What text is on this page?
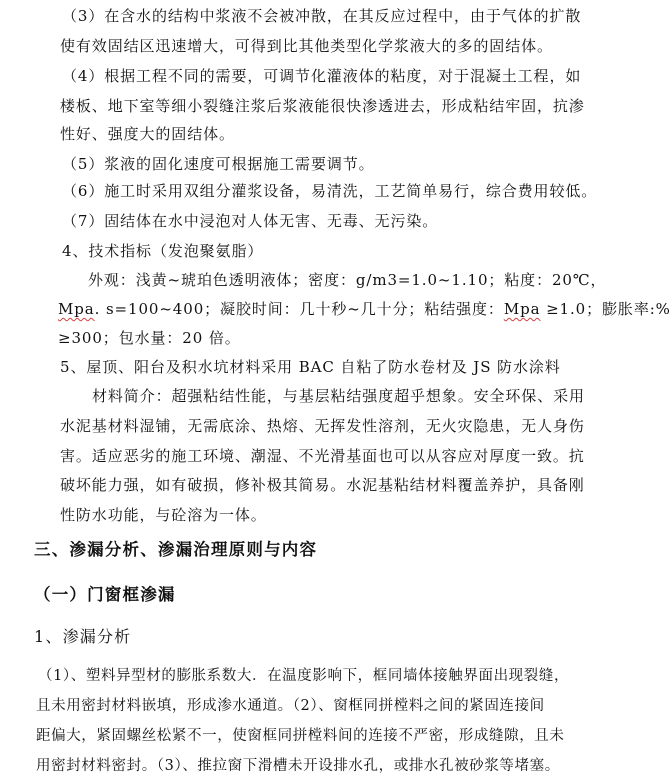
（3）在含水的结构中浆液不会被冲散，在其反应过程中，由于气体的扩散
使有效固结区迅速增大，可得到比其他类型化学浆液大的多的固结体。
（4）根据工程不同的需要，可调节化灌液体的粘度，对于混凝土工程，如
楼板、地下室等细小裂缝注浆后浆液能很快渗透进去，形成粘结牢固，抗渗
性好、强度大的固结体。
（5）浆液的固化速度可根据施工需要调节。
（6）施工时采用双组分灌浆设备，易清洗，工艺简单易行，综合费用较低。
（7）固结体在水中浸泡对人体无害、无毒、无污染。
4、技术指标（发泡聚氨脂）
外观：浅黄~琥珀色透明液体；密度：g/m3=1.0~1.10；粘度：20℃，
Mpa. s=100~400；凝胶时间：几十秒~几十分；粘结强度：Mpa ≥1.0；膨胀率:%
≥300；包水量：20 倍。
5、屋顶、阳台及积水坑材料采用 BAC 自粘了防水卷材及 JS 防水涂料
材料简介：超强粘结性能，与基层粘结强度超乎想象。安全环保、采用
水泥基材料湿铺，无需底涂、热熔、无挥发性溶剂，无火灾隐患，无人身伤
害。适应恶劣的施工环境、潮湿、不光滑基面也可以从容应对厚度一致。抗
破坏能力强，如有破损，修补极其简易。水泥基粘结材料覆盖养护，具备刚
性防水功能，与砼溶为一体。
三、渗漏分析、渗漏治理原则与内容
（一）门窗框渗漏
1、渗漏分析
（1）、塑料异型材的膨胀系数大．在温度影响下，框同墙体接触界面出现裂缝，
且未用密封材料嵌填，形成渗水通道。（2）、窗框同拼樘料之间的紧固连接间
距偏大，紧固螺丝松紧不一，使窗框同拼樘料间的连接不严密，形成缝隙，且未
用密封材料密封。（3）、推拉窗下滑槽未开设排水孔，或排水孔被砂浆等堵塞。
